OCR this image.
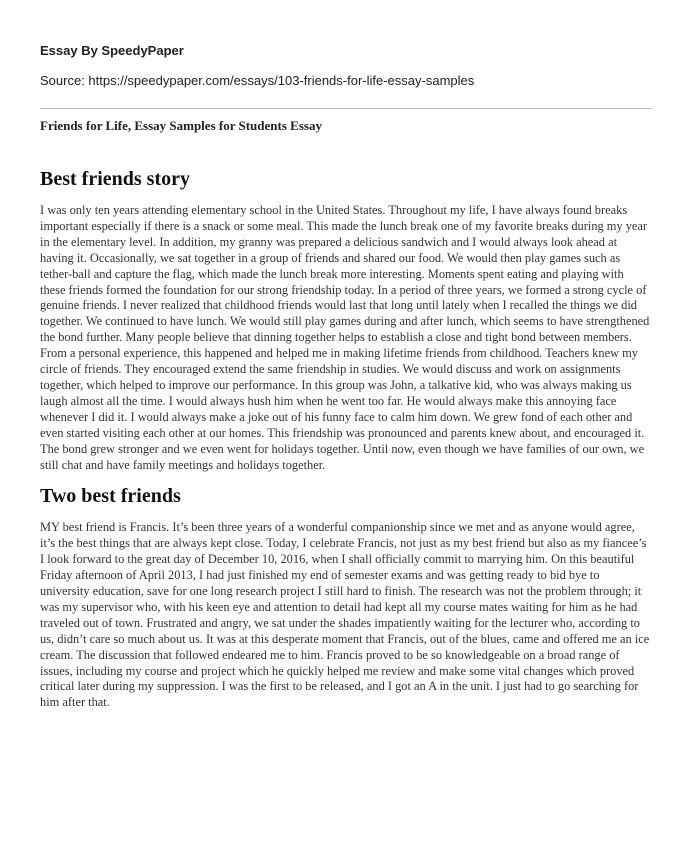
Essay By SpeedyPaper

Source: https://speedypaper.com/essays/103-friends-for-life-essay-samples

Friends for Life, Essay Samples for Students Essay

Best friends story

I was only ten years attending elementary school in the United States. Throughout my life, I have always found breaks important especially if there is a snack or some meal. This made the lunch break one of my favorite breaks during my year in the elementary level. In addition, my granny was prepared a delicious sandwich and I would always look ahead at having it. Occasionally, we sat together in a group of friends and shared our food. We would then play games such as tether-ball and capture the flag, which made the lunch break more interesting. Moments spent eating and playing with these friends formed the foundation for our strong friendship today. In a period of three years, we formed a strong cycle of genuine friends. I never realized that childhood friends would last that long until lately when I recalled the things we did together. We continued to have lunch. We would still play games during and after lunch, which seems to have strengthened the bond further. Many people believe that dinning together helps to establish a close and tight bond between members. From a personal experience, this happened and helped me in making lifetime friends from childhood. Teachers knew my circle of friends. They encouraged extend the same friendship in studies. We would discuss and work on assignments together, which helped to improve our performance. In this group was John, a talkative kid, who was always making us laugh almost all the time. I would always hush him when he went too far. He would always make this annoying face whenever I did it. I would always make a joke out of his funny face to calm him down. We grew fond of each other and even started visiting each other at our homes. This friendship was pronounced and parents knew about, and encouraged it. The bond grew stronger and we even went for holidays together. Until now, even though we have families of our own, we still chat and have family meetings and holidays together.

Two best friends

MY best friend is Francis. It’s been three years of a wonderful companionship since we met and as anyone would agree, it’s the best things that are always kept close. Today, I celebrate Francis, not just as my best friend but also as my fiancee’s I look forward to the great day of December 10, 2016, when I shall officially commit to marrying him. On this beautiful Friday afternoon of April 2013, I had just finished my end of semester exams and was getting ready to bid bye to university education, save for one long research project I still hard to finish. The research was not the problem through; it was my supervisor who, with his keen eye and attention to detail had kept all my course mates waiting for him as he had traveled out of town. Frustrated and angry, we sat under the shades impatiently waiting for the lecturer who, according to us, didn’t care so much about us. It was at this desperate moment that Francis, out of the blues, came and offered me an ice cream. The discussion that followed endeared me to him. Francis proved to be so knowledgeable on a broad range of issues, including my course and project which he quickly helped me review and make some vital changes which proved critical later during my suppression. I was the first to be released, and I got an A in the unit. I just had to go searching for him after that.
